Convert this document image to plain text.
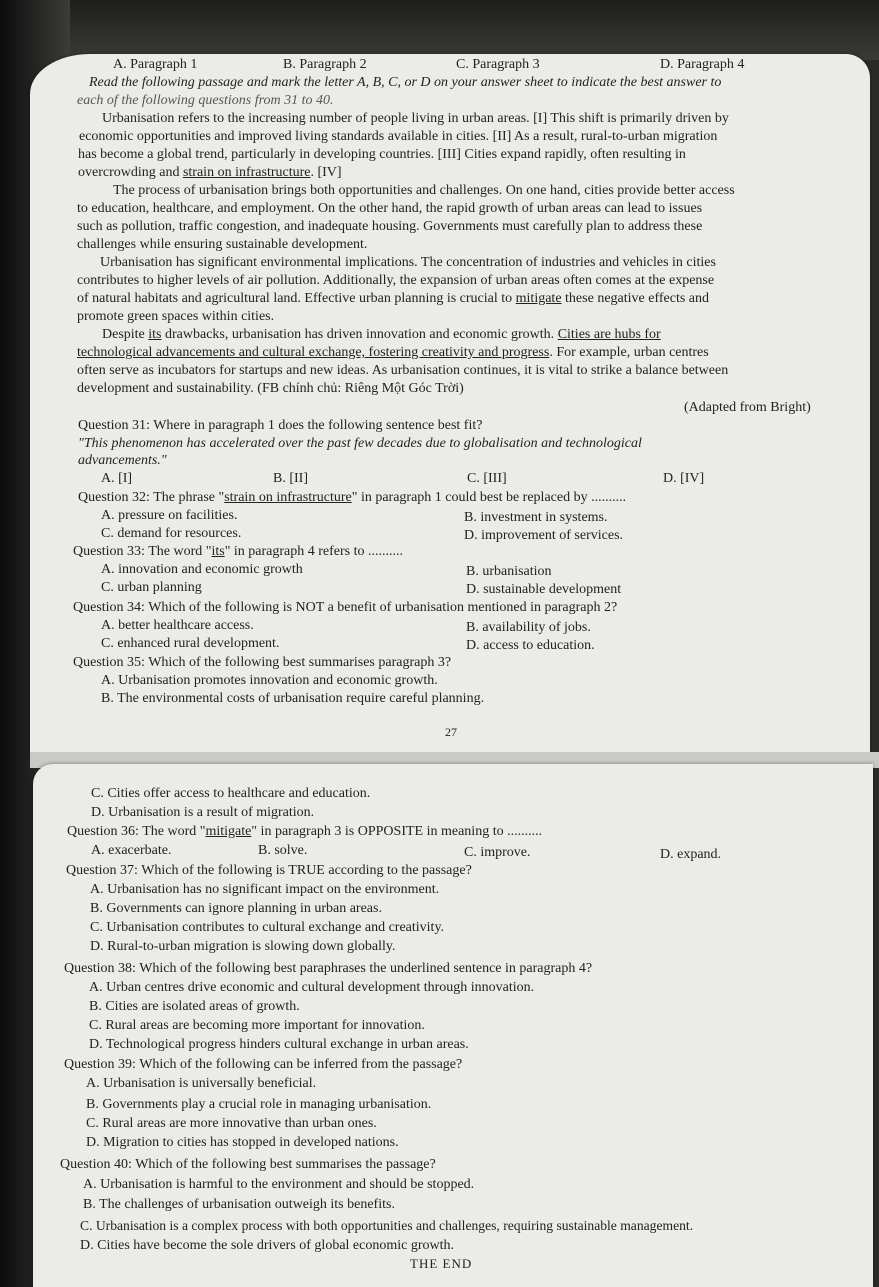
A. Paragraph 1	B. Paragraph 2	C. Paragraph 3	D. Paragraph 4
Read the following passage and mark the letter A, B, C, or D on your answer sheet to indicate the best answer to
each of the following questions from 31 to 40.
Urbanisation refers to the increasing number of people living in urban areas. [I] This shift is primarily driven by
economic opportunities and improved living standards available in cities. [II] As a result, rural-to-urban migration
has become a global trend, particularly in developing countries. [III] Cities expand rapidly, often resulting in
overcrowding and strain on infrastructure. [IV]
The process of urbanisation brings both opportunities and challenges. On one hand, cities provide better access
to education, healthcare, and employment. On the other hand, the rapid growth of urban areas can lead to issues
such as pollution, traffic congestion, and inadequate housing. Governments must carefully plan to address these
challenges while ensuring sustainable development.
Urbanisation has significant environmental implications. The concentration of industries and vehicles in cities
contributes to higher levels of air pollution. Additionally, the expansion of urban areas often comes at the expense
of natural habitats and agricultural land. Effective urban planning is crucial to mitigate these negative effects and
promote green spaces within cities.
Despite its drawbacks, urbanisation has driven innovation and economic growth. Cities are hubs for
technological advancements and cultural exchange, fostering creativity and progress. For example, urban centres
often serve as incubators for startups and new ideas. As urbanisation continues, it is vital to strike a balance between
development and sustainability. (FB chính chủ: Riêng Một Góc Trời)
(Adapted from Bright)
Question 31: Where in paragraph 1 does the following sentence best fit?
"This phenomenon has accelerated over the past few decades due to globalisation and technological
advancements."
A. [I]	B. [II]	C. [III]	D. [IV]
Question 32: The phrase "strain on infrastructure" in paragraph 1 could best be replaced by ..........
A. pressure on facilities.	B. investment in systems.
C. demand for resources.	D. improvement of services.
Question 33: The word "its" in paragraph 4 refers to ..........
A. innovation and economic growth	B. urbanisation
C. urban planning	D. sustainable development
Question 34: Which of the following is NOT a benefit of urbanisation mentioned in paragraph 2?
A. better healthcare access.	B. availability of jobs.
C. enhanced rural development.	D. access to education.
Question 35: Which of the following best summarises paragraph 3?
A. Urbanisation promotes innovation and economic growth.
B. The environmental costs of urbanisation require careful planning.
27
C. Cities offer access to healthcare and education.
D. Urbanisation is a result of migration.
Question 36: The word "mitigate" in paragraph 3 is OPPOSITE in meaning to ..........
A. exacerbate.	B. solve.	C. improve.	D. expand.
Question 37: Which of the following is TRUE according to the passage?
A. Urbanisation has no significant impact on the environment.
B. Governments can ignore planning in urban areas.
C. Urbanisation contributes to cultural exchange and creativity.
D. Rural-to-urban migration is slowing down globally.
Question 38: Which of the following best paraphrases the underlined sentence in paragraph 4?
A. Urban centres drive economic and cultural development through innovation.
B. Cities are isolated areas of growth.
C. Rural areas are becoming more important for innovation.
D. Technological progress hinders cultural exchange in urban areas.
Question 39: Which of the following can be inferred from the passage?
A. Urbanisation is universally beneficial.
B. Governments play a crucial role in managing urbanisation.
C. Rural areas are more innovative than urban ones.
D. Migration to cities has stopped in developed nations.
Question 40: Which of the following best summarises the passage?
A. Urbanisation is harmful to the environment and should be stopped.
B. The challenges of urbanisation outweigh its benefits.
C. Urbanisation is a complex process with both opportunities and challenges, requiring sustainable management.
D. Cities have become the sole drivers of global economic growth.
THE END
